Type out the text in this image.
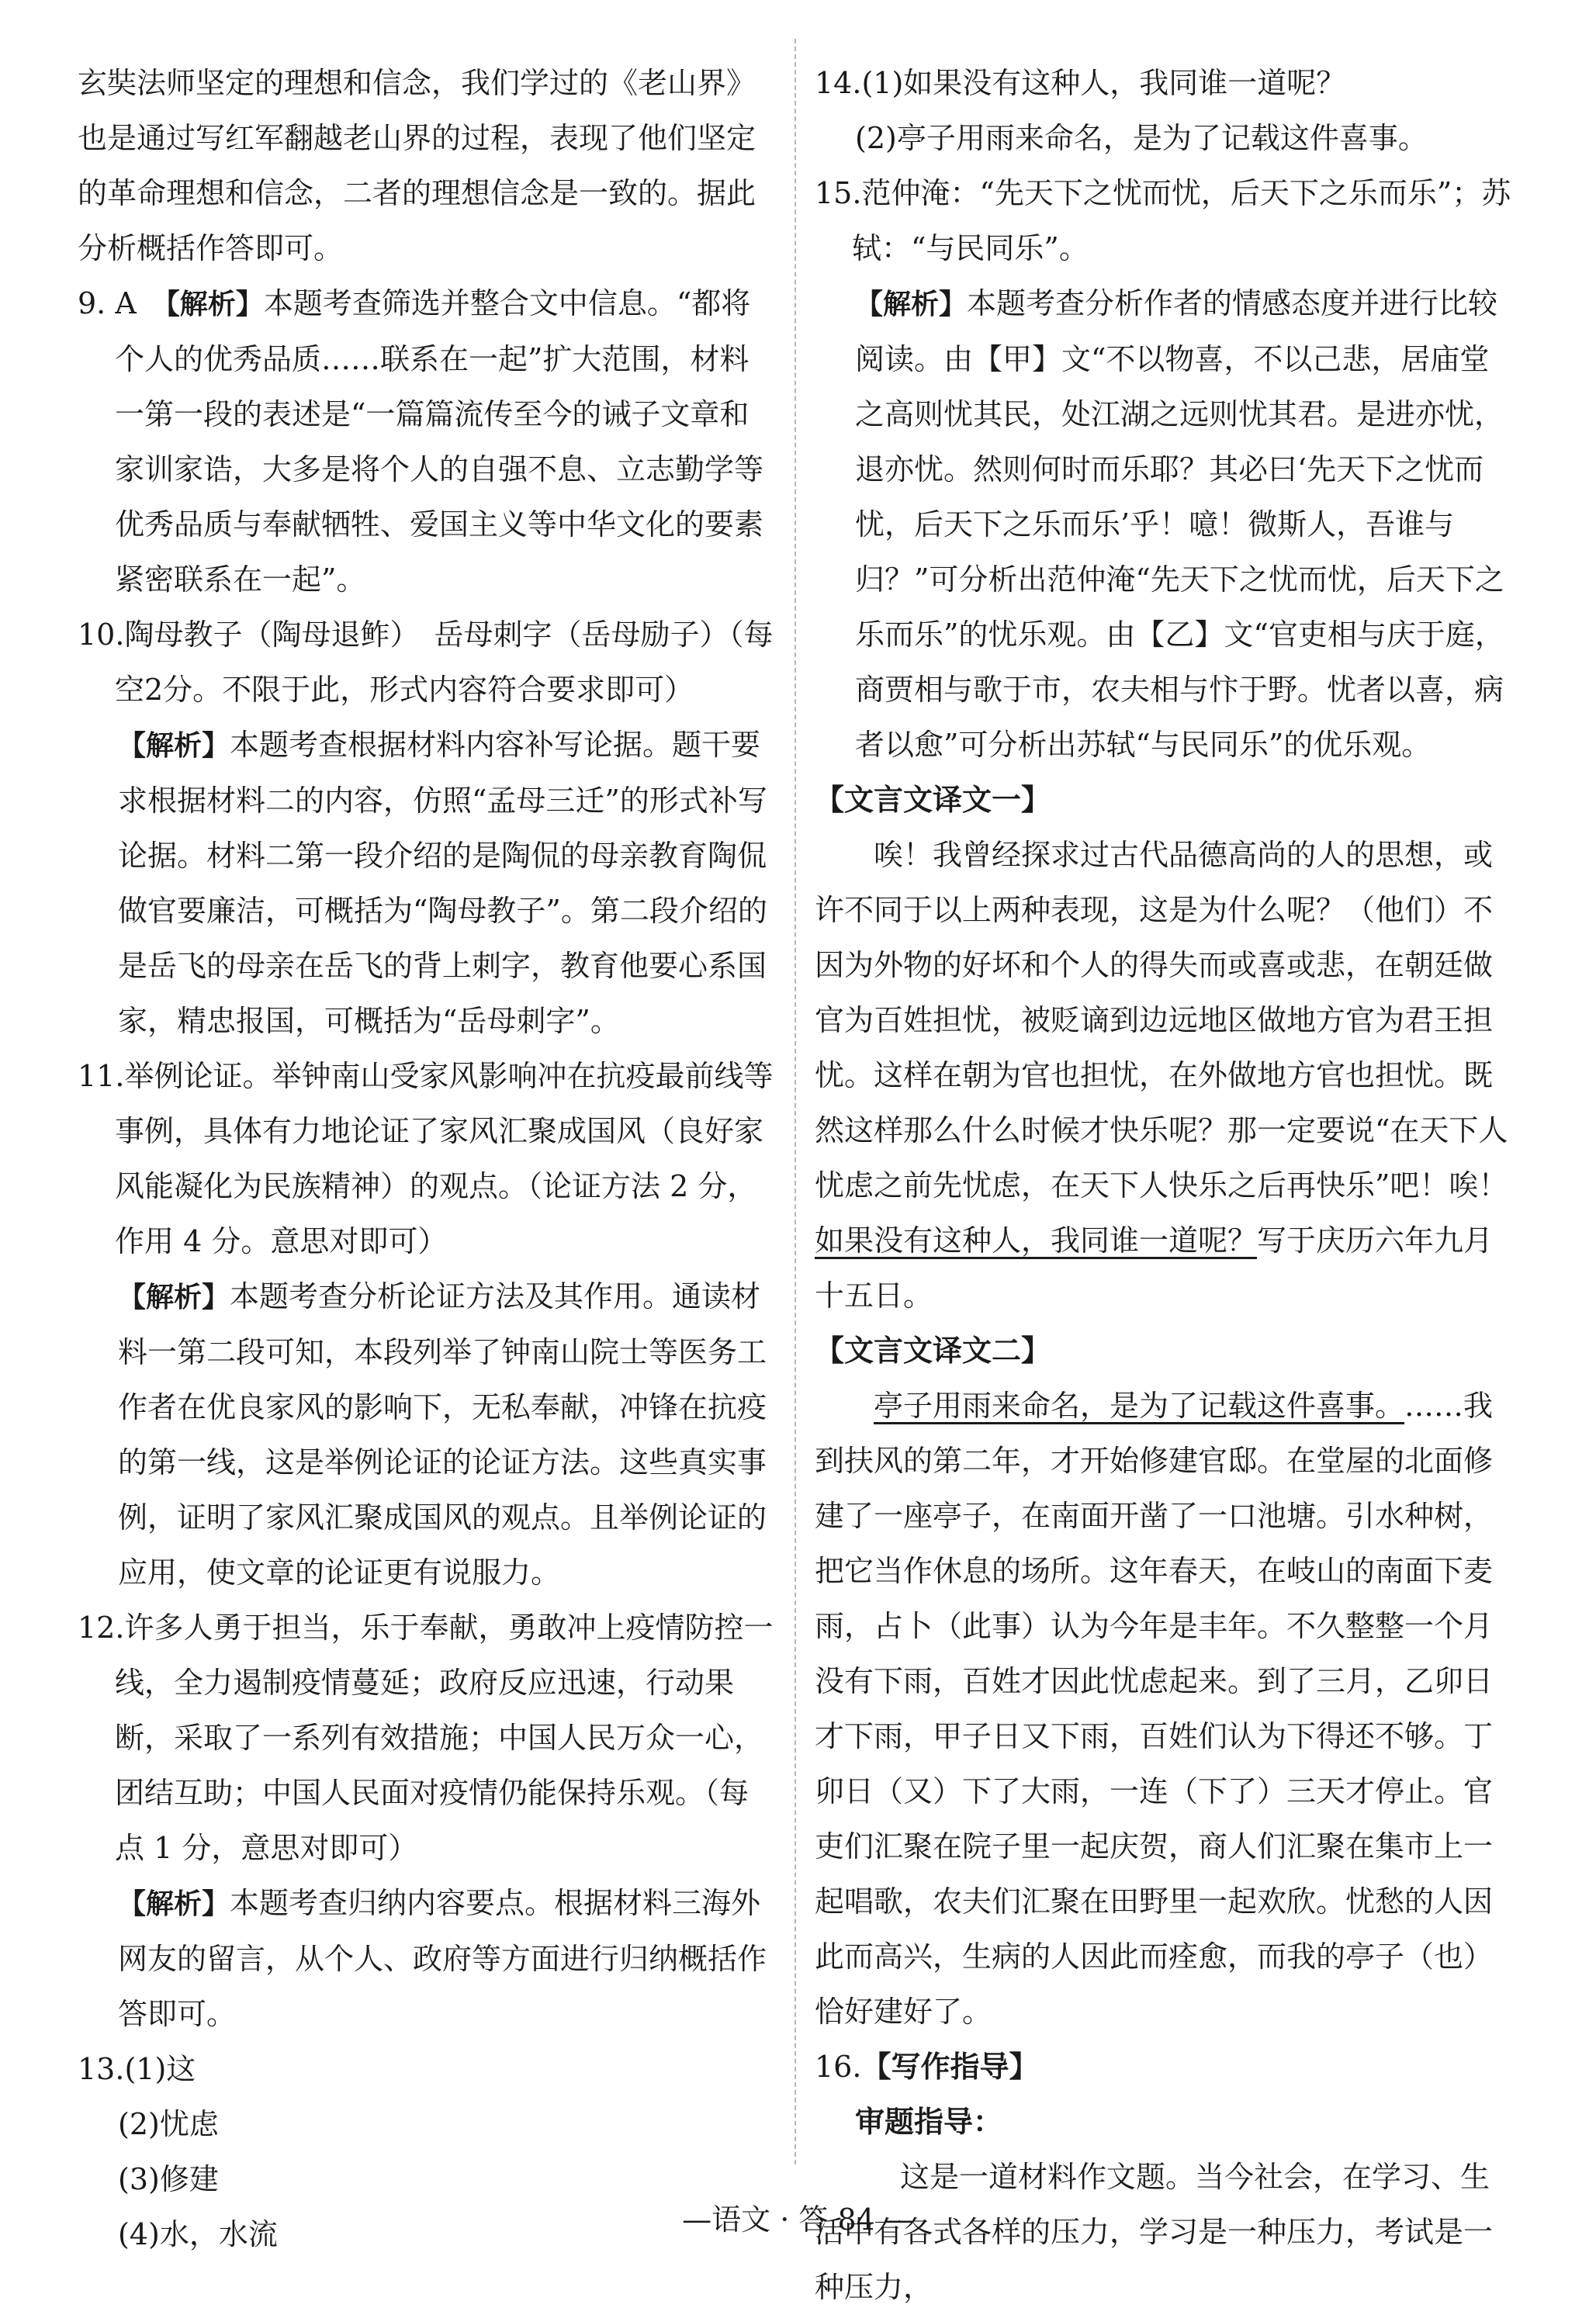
玄奘法师坚定的理想和信念，我们学过的《老山界》也是通过写红军翻越老山界的过程，表现了他们坚定的革命理想和信念，二者的理想信念是一致的。据此分析概括作答即可。

9. A　 【解析】本题考查筛选并整合文中信息。“都将个人的优秀品质……联系在一起”扩大范围，材料一第一段的表述是“一篇篇流传至今的诫子文章和家训家诰，大多是将个人的自强不息、立志勤学等优秀品质与奉献牺牲、爱国主义等中华文化的要素紧密联系在一起”。

10.陶母教子（陶母退鲊）　岳母刺字（岳母励子）（每空2分。不限于此，形式内容符合要求即可）

【解析】本题考查根据材料内容补写论据。题干要求根据材料二的内容，仿照“孟母三迁”的形式补写论据。材料二第一段介绍的是陶侃的母亲教育陶侃做官要廉洁，可概括为“陶母教子”。第二段介绍的是岳飞的母亲在岳飞的背上刺字，教育他要心系国家，精忠报国，可概括为“岳母刺字”。

11.举例论证。举钟南山受家风影响冲在抗疫最前线等事例，具体有力地论证了家风汇聚成国风（良好家风能凝化为民族精神）的观点。（论证方法 2 分，作用 4 分。意思对即可）

【解析】本题考查分析论证方法及其作用。通读材料一第二段可知，本段列举了钟南山院士等医务工作者在优良家风的影响下，无私奉献，冲锋在抗疫的第一线，这是举例论证的论证方法。这些真实事例，证明了家风汇聚成国风的观点。且举例论证的应用，使文章的论证更有说服力。

12.许多人勇于担当，乐于奉献，勇敢冲上疫情防控一线，全力遏制疫情蔓延；政府反应迅速，行动果断，采取了一系列有效措施；中国人民万众一心，团结互助；中国人民面对疫情仍能保持乐观。（每点 1 分，意思对即可）

【解析】本题考查归纳内容要点。根据材料三海外网友的留言，从个人、政府等方面进行归纳概括作答即可。

13.(1)这

(2)忧虑

(3)修建

(4)水，水流

14.(1)如果没有这种人，我同谁一道呢？

(2)亭子用雨来命名，是为了记载这件喜事。

15.范仲淹：“先天下之忧而忧，后天下之乐而乐”；苏轼：“与民同乐”。

【解析】本题考查分析作者的情感态度并进行比较阅读。由【甲】文“不以物喜，不以己悲，居庙堂之高则忧其民，处江湖之远则忧其君。是进亦忧，退亦忧。然则何时而乐耶？其必曰‘先天下之忧而忧，后天下之乐而乐’乎！噫！微斯人，吾谁与归？”可分析出范仲淹“先天下之忧而忧，后天下之乐而乐”的忧乐观。由【乙】文“官吏相与庆于庭，商贾相与歌于市，农夫相与忭于野。忧者以喜，病者以愈”可分析出苏轼“与民同乐”的优乐观。

【文言文译文一】

唉！我曾经探求过古代品德高尚的人的思想，或许不同于以上两种表现，这是为什么呢？（他们）不因为外物的好坏和个人的得失而或喜或悲，在朝廷做官为百姓担忧，被贬谪到边远地区做地方官为君王担忧。这样在朝为官也担忧，在外做地方官也担忧。既然这样那么什么时候才快乐呢？那一定要说“在天下人忧虑之前先忧虑，在天下人快乐之后再快乐”吧！唉！如果没有这种人，我同谁一道呢？写于庆历六年九月十五日。

【文言文译文二】

亭子用雨来命名，是为了记载这件喜事。……我到扶风的第二年，才开始修建官邸。在堂屋的北面修建了一座亭子，在南面开凿了一口池塘。引水种树，把它当作休息的场所。这年春天，在岐山的南面下麦雨，占卜（此事）认为今年是丰年。不久整整一个月没有下雨，百姓才因此忧虑起来。到了三月，乙卯日才下雨，甲子日又下雨，百姓们认为下得还不够。丁卯日（又）下了大雨，一连（下了）三天才停止。官吏们汇聚在院子里一起庆贺，商人们汇聚在集市上一起唱歌，农夫们汇聚在田野里一起欢欣。忧愁的人因此而高兴，生病的人因此而痊愈，而我的亭子（也）恰好建好了。

16.【写作指导】

审题指导：

这是一道材料作文题。当今社会，在学习、生活中有各式各样的压力，学习是一种压力，考试是一种压力，

—语文 · 答 84 —
